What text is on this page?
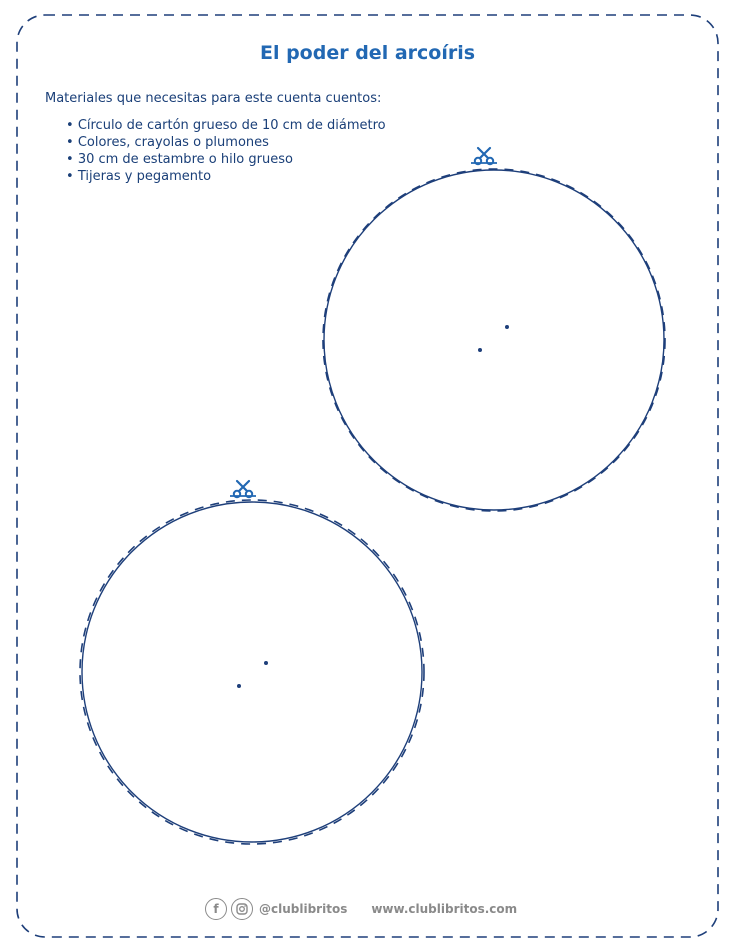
El poder del arcoíris
Materiales que necesitas para este cuenta cuentos:
• Círculo de cartón grueso de 10 cm de diámetro
• Colores, crayolas o plumones
• 30 cm de estambre o hilo grueso
• Tijeras y pegamento
f	@clublibritos www.clublibritos.com
